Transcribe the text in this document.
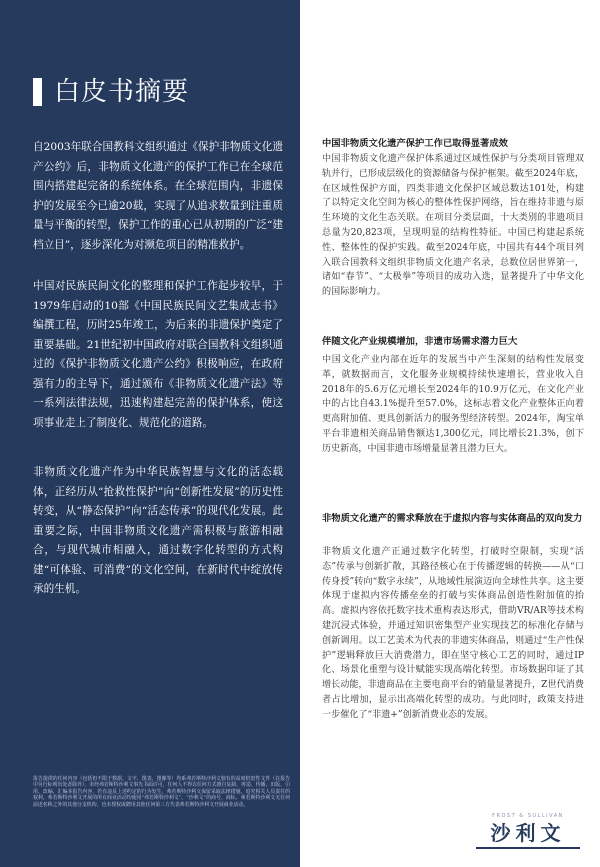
白皮书摘要

自2003年联合国教科文组织通过《保护非物质文化遗产公约》后，非物质文化遗产的保护工作已在全球范围内搭建起完备的系统体系。在全球范围内，非遗保护的发展至今已逾20载，实现了从追求数量到注重质量与平衡的转型，保护工作的重心已从初期的广泛“建档立目”，逐步深化为对濒危项目的精准救护。

中国对民族民间文化的整理和保护工作起步较早，于1979年启动的10部《中国民族民间文艺集成志书》编撰工程，历时25年竣工，为后来的非遗保护奠定了重要基础。21世纪初中国政府对联合国教科文组织通过的《保护非物质文化遗产公约》积极响应，在政府强有力的主导下，通过颁布《非物质文化遗产法》等一系列法律法规，迅速构建起完善的保护体系，使这项事业走上了制度化、规范化的道路。

非物质文化遗产作为中华民族智慧与文化的活态载体，正经历从“抢救性保护”向“创新性发展”的历史性转变，从“静态保护”向“活态传承”的现代化发展。此重要之际，中国非物质文化遗产需积极与旅游相融合，与现代城市相融入，通过数字化转型的方式构建“可体验、可消费”的文化空间，在新时代中绽放传承的生机。

报告提供的任何内容（包括但不限于数据、文字、图表、图像等）均系弗若斯特沙利文独有的高度机密性文件（在报告中另行标明出处者除外）。未经弗若斯特沙利文事先书面许可，任何人不得以任何方式擅自复制、再造、传播、出版、引用、改编、汇编本报告内容，若有违反上述约定的行为发生，弗若斯特沙利文保留采取法律措施、追究相关人员责任的权利。弗若斯特沙利文开展的所有商业活动均使用“弗若斯特沙利文”、“沙利文”的商号、商标，弗若斯特沙利文无任何前述名称之外的其他分支机构，也未授权或聘用其他任何第三方代表弗若斯特沙利文开展商业活动。

中国非物质文化遗产保护工作已取得显著成效

中国非物质文化遗产保护体系通过区域性保护与分类项目管理双轨并行，已形成层级化的资源储备与保护框架。截至2024年底，在区域性保护方面，四类非遗文化保护区域总数达101处，构建了以特定文化空间为核心的整体性保护网络，旨在维持非遗与原生环境的文化生态关联。在项目分类层面，十大类别的非遗项目总量为20,823项，呈现明显的结构性特征。中国已构建起系统性、整体性的保护实践。截至2024年底，中国共有44个项目列入联合国教科文组织非物质文化遗产名录，总数位居世界第一，诸如“春节”、“太极拳”等项目的成功入选，显著提升了中华文化的国际影响力。

伴随文化产业规模增加，非遗市场需求潜力巨大

中国文化产业内部在近年的发展当中产生深刻的结构性发展变革，就数据而言，文化服务业规模持续快速增长，营业收入自2018年的5.6万亿元增长至2024年的10.9万亿元，在文化产业中的占比自43.1%提升至57.0%，这标志着文化产业整体正向着更高附加值、更具创新活力的服务型经济转型。2024年，淘宝单平台非遗相关商品销售额达1,300亿元，同比增长21.3%，创下历史新高，中国非遗市场增量显著且潜力巨大。

非物质文化遗产的需求释放在于虚拟内容与实体商品的双向发力

非物质文化遗产正通过数字化转型，打破时空限制，实现“活态”传承与创新扩散，其路径核心在于传播逻辑的转换——从“口传身授”转向“数字永续”，从地域性展演迈向全球性共享。这主要体现于虚拟内容传播垒垒的打破与实体商品创造性附加值的抬高。虚拟内容依托数字技术重构表达形式，借助VR/AR等技术构建沉浸式体验，并通过知识密集型产业实现技艺的标准化存储与创新调用。以工艺美术为代表的非遗实体商品，则通过“生产性保护”逻辑释放巨大消费潜力，即在坚守核心工艺的同时，通过IP化、场景化重塑与设计赋能实现高端化转型。市场数据印证了其增长动能，非遗商品在主要电商平台的销量显著提升，Z世代消费者占比增加，显示出高端化转型的成功。与此同时，政策支持进一步催化了“非遗+”创新消费业态的发展。

FROST & SULLIVAN
沙利文
